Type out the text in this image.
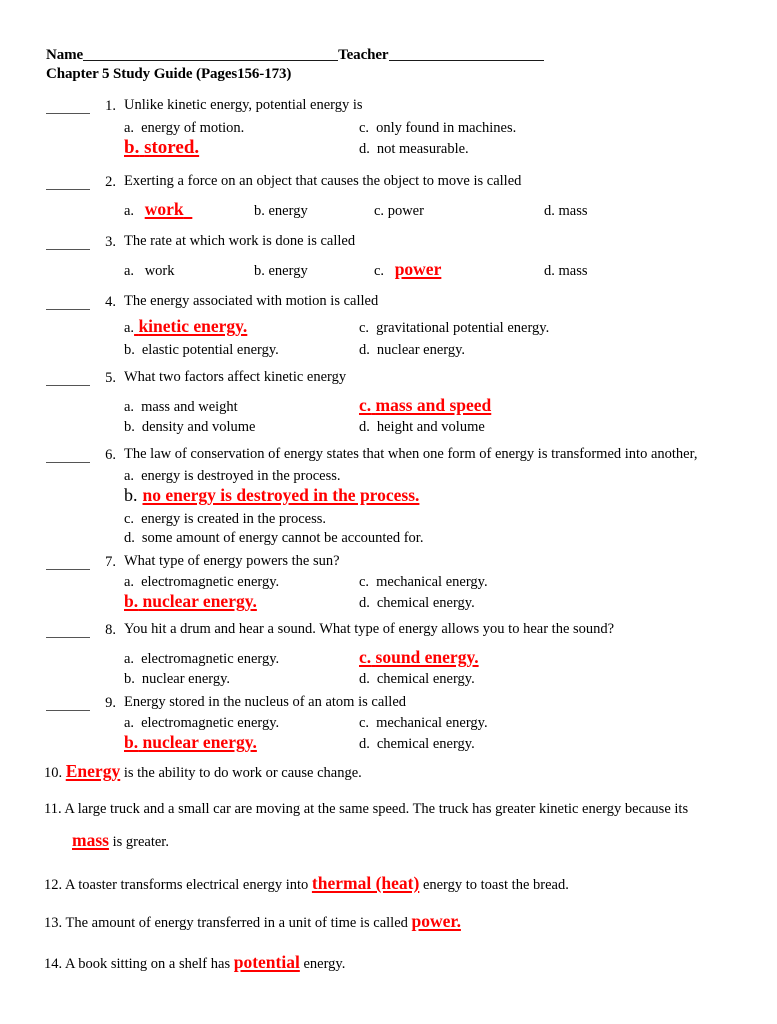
Name	Teacher
Chapter 5 Study Guide (Pages156-173)
1. Unlike kinetic energy, potential energy is
a. energy of motion.	c. only found in machines.
b. stored.	d. not measurable.
2. Exerting a force on an object that causes the object to move is called
a. work	b. energy	c. power	d. mass
3. The rate at which work is done is called
a. work	b. energy	c. power	d. mass
4. The energy associated with motion is called
a. kinetic energy.	c. gravitational potential energy.
b. elastic potential energy.	d. nuclear energy.
5. What two factors affect kinetic energy
a. mass and weight	c. mass and speed
b. density and volume	d. height and volume
6. The law of conservation of energy states that when one form of energy is transformed into another,
a. energy is destroyed in the process.
b. no energy is destroyed in the process.
c. energy is created in the process.
d. some amount of energy cannot be accounted for.
7. What type of energy powers the sun?
a. electromagnetic energy.	c. mechanical energy.
b. nuclear energy.	d. chemical energy.
8. You hit a drum and hear a sound. What type of energy allows you to hear the sound?
a. electromagnetic energy.	c. sound energy.
b. nuclear energy.	d. chemical energy.
9. Energy stored in the nucleus of an atom is called
a. electromagnetic energy.	c. mechanical energy.
b. nuclear energy.	d. chemical energy.
10. Energy is the ability to do work or cause change.
11. A large truck and a small car are moving at the same speed. The truck has greater kinetic energy because its
mass is greater.
12. A toaster transforms electrical energy into thermal (heat) energy to toast the bread.
13. The amount of energy transferred in a unit of time is called power.
14. A book sitting on a shelf has potential energy.
